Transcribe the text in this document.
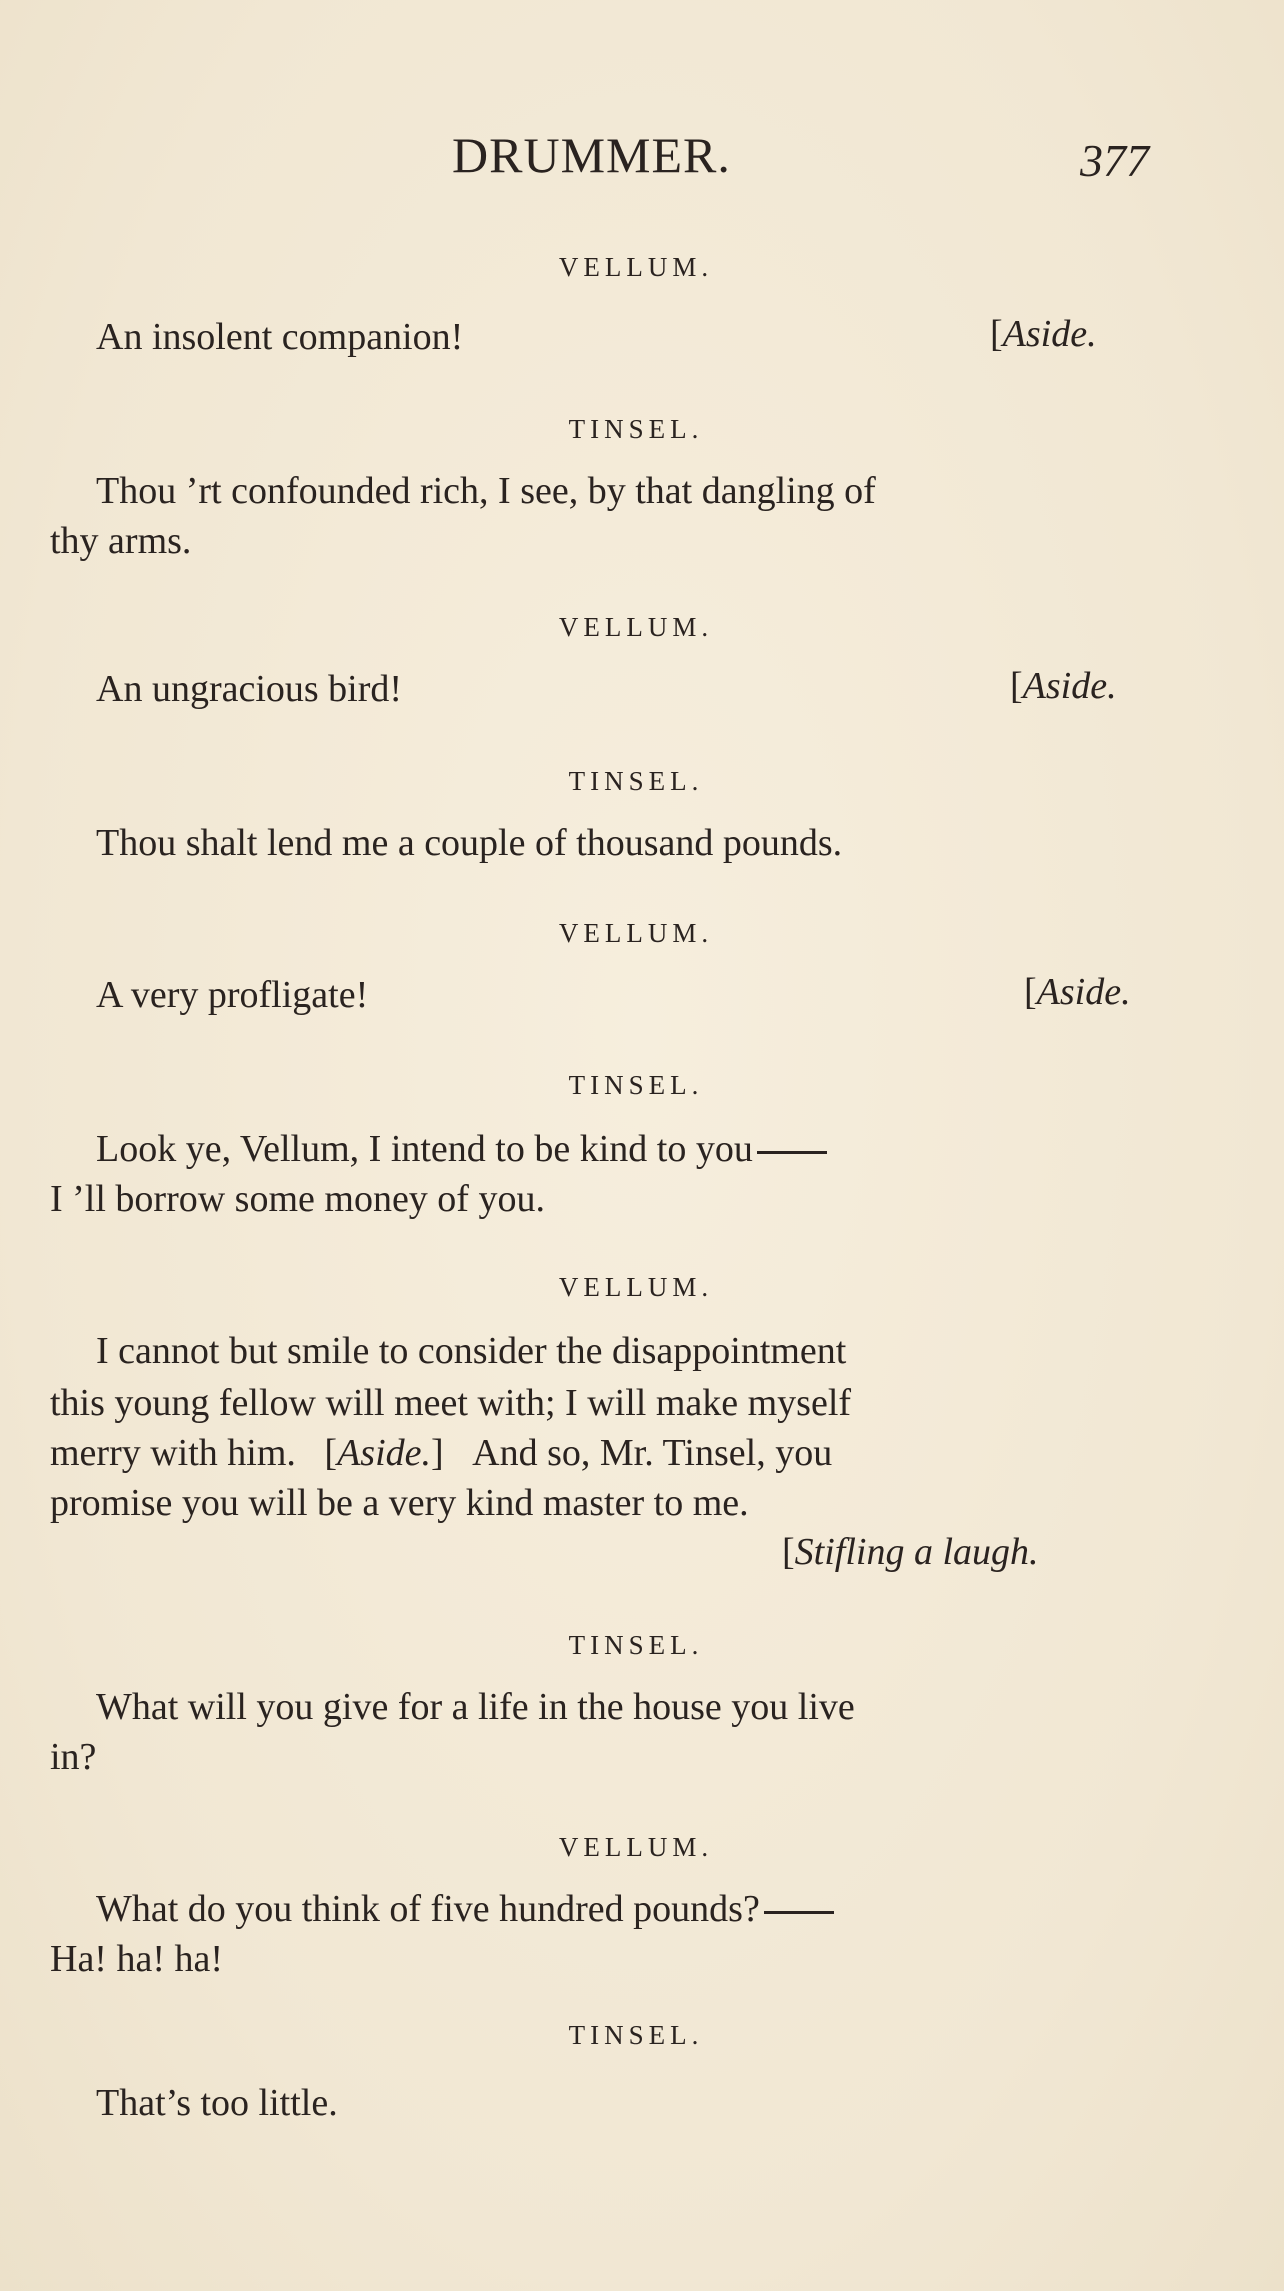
DRUMMER.	377
VELLUM.
An insolent companion!	[Aside.
TINSEL.
Thou ’rt confounded rich, I see, by that dangling of
thy arms.
VELLUM.
An ungracious bird!	[Aside.
TINSEL.
Thou shalt lend me a couple of thousand pounds.
VELLUM.
A very profligate!	[Aside.
TINSEL.
Look ye, Vellum, I intend to be kind to you
I ’ll borrow some money of you.
VELLUM.
I cannot but smile to consider the disappointment
this young fellow will meet with; I will make myself
merry with him.   [Aside.]   And so, Mr. Tinsel, you
promise you will be a very kind master to me.
[Stifling a laugh.
TINSEL.
What will you give for a life in the house you live
in?
VELLUM.
What do you think of five hundred pounds?
Ha! ha! ha!
TINSEL.
That’s too little.
